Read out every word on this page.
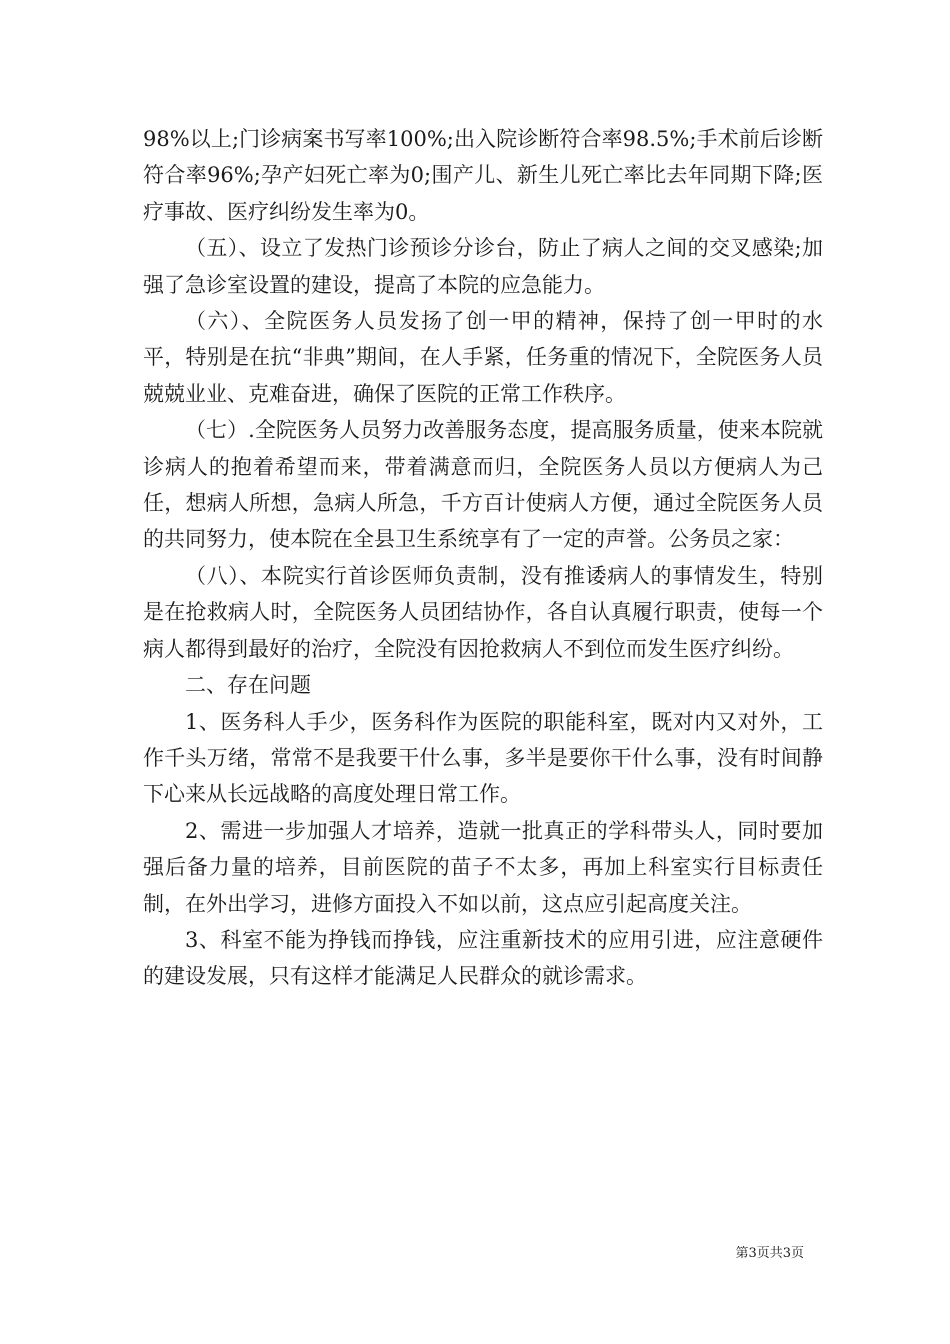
98%以上;门诊病案书写率100%;出入院诊断符合率98.5%;手术前后诊断符合率96%;孕产妇死亡率为0;围产儿、新生儿死亡率比去年同期下降;医疗事故、医疗纠纷发生率为0。

（五）、设立了发热门诊预诊分诊台，防止了病人之间的交叉感染;加强了急诊室设置的建设，提高了本院的应急能力。

（六）、全院医务人员发扬了创一甲的精神，保持了创一甲时的水平，特别是在抗“非典”期间，在人手紧，任务重的情况下，全院医务人员兢兢业业、克难奋进，确保了医院的正常工作秩序。

（七）.全院医务人员努力改善服务态度，提高服务质量，使来本院就诊病人的抱着希望而来，带着满意而归，全院医务人员以方便病人为己任，想病人所想，急病人所急，千方百计使病人方便，通过全院医务人员的共同努力，使本院在全县卫生系统享有了一定的声誉。公务员之家：

（八）、本院实行首诊医师负责制，没有推诿病人的事情发生，特别是在抢救病人时，全院医务人员团结协作，各自认真履行职责，使每一个病人都得到最好的治疗，全院没有因抢救病人不到位而发生医疗纠纷。

二、存在问题

1、医务科人手少，医务科作为医院的职能科室，既对内又对外，工作千头万绪，常常不是我要干什么事，多半是要你干什么事，没有时间静下心来从长远战略的高度处理日常工作。

2、需进一步加强人才培养，造就一批真正的学科带头人，同时要加强后备力量的培养，目前医院的苗子不太多，再加上科室实行目标责任制，在外出学习，进修方面投入不如以前，这点应引起高度关注。

3、科室不能为挣钱而挣钱，应注重新技术的应用引进，应注意硬件的建设发展，只有这样才能满足人民群众的就诊需求。

第3页共3页
